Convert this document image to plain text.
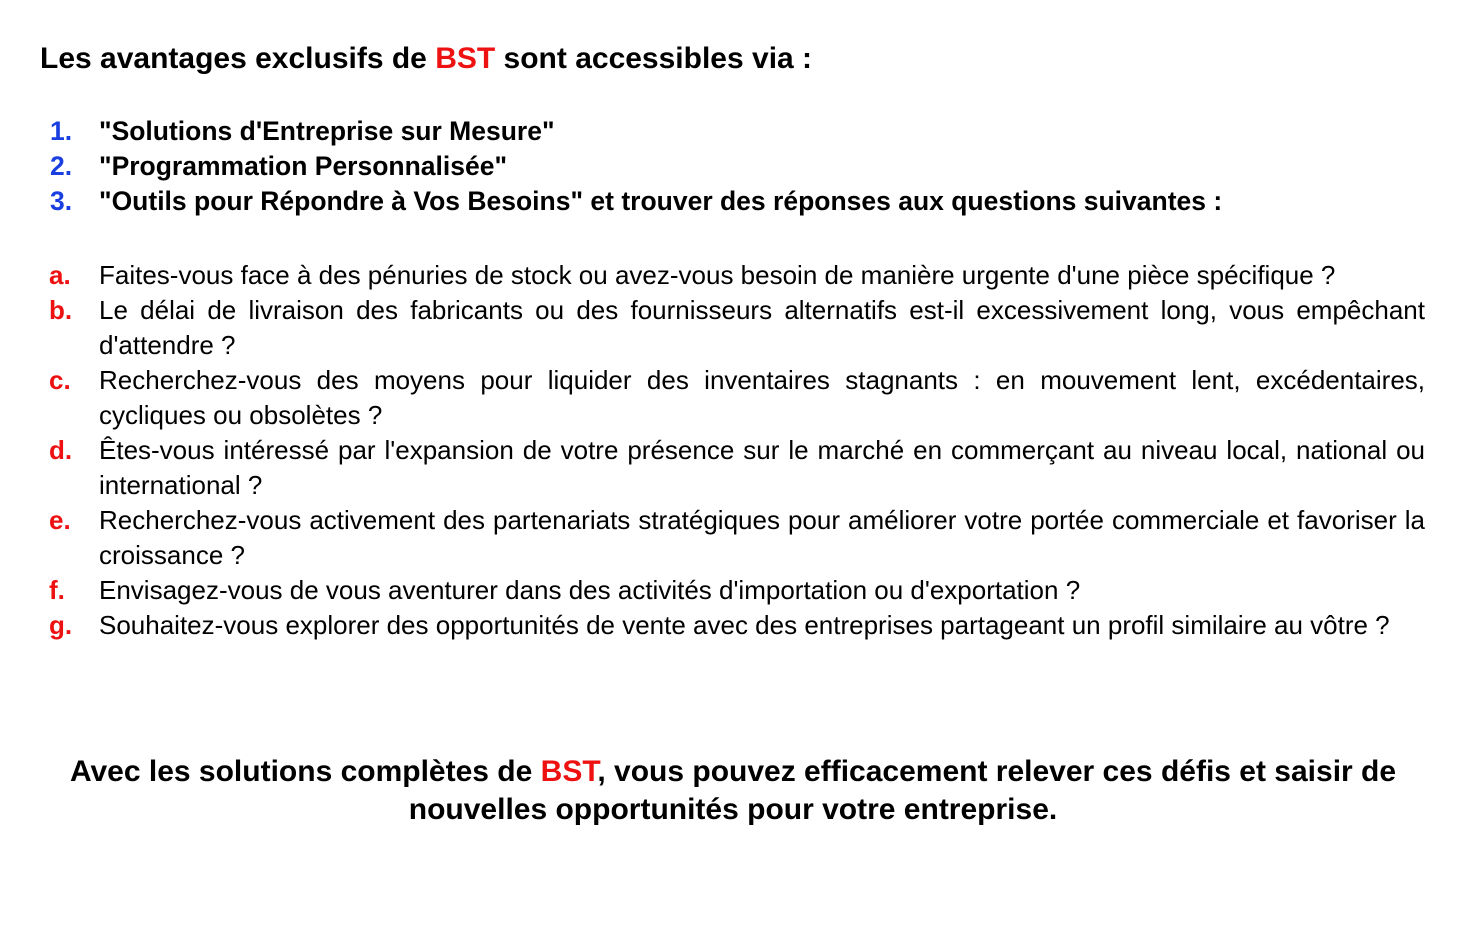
Les avantages exclusifs de BST sont accessibles via :
1. "Solutions d'Entreprise sur Mesure"
2. "Programmation Personnalisée"
3. "Outils pour Répondre à Vos Besoins" et trouver des réponses aux questions suivantes :
a. Faites-vous face à des pénuries de stock ou avez-vous besoin de manière urgente d'une pièce spécifique ?
b. Le délai de livraison des fabricants ou des fournisseurs alternatifs est-il excessivement long, vous empêchant d'attendre ?
c. Recherchez-vous des moyens pour liquider des inventaires stagnants : en mouvement lent, excédentaires, cycliques ou obsolètes ?
d. Êtes-vous intéressé par l'expansion de votre présence sur le marché en commerçant au niveau local, national ou international ?
e. Recherchez-vous activement des partenariats stratégiques pour améliorer votre portée commerciale et favoriser la croissance ?
f. Envisagez-vous de vous aventurer dans des activités d'importation ou d'exportation ?
g. Souhaitez-vous explorer des opportunités de vente avec des entreprises partageant un profil similaire au vôtre ?
Avec les solutions complètes de BST, vous pouvez efficacement relever ces défis et saisir de nouvelles opportunités pour votre entreprise.
